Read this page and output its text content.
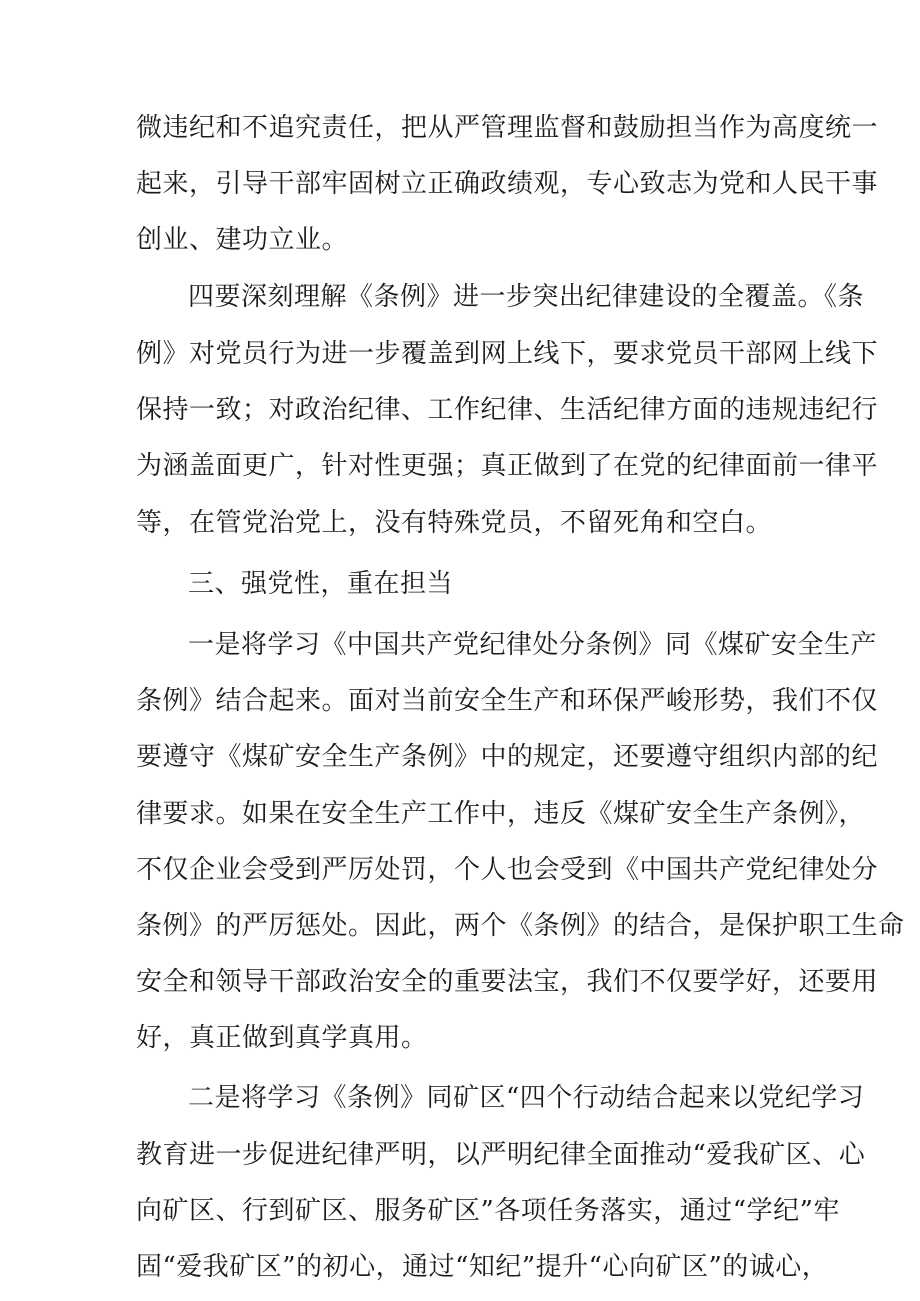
微违纪和不追究责任，把从严管理监督和鼓励担当作为高度统一
起来，引导干部牢固树立正确政绩观，专心致志为党和人民干事
创业、建功立业。
四要深刻理解《条例》进一步突出纪律建设的全覆盖。《条
例》对党员行为进一步覆盖到网上线下，要求党员干部网上线下
保持一致；对政治纪律、工作纪律、生活纪律方面的违规违纪行
为涵盖面更广，针对性更强；真正做到了在党的纪律面前一律平
等，在管党治党上，没有特殊党员，不留死角和空白。
三、强党性，重在担当
一是将学习《中国共产党纪律处分条例》同《煤矿安全生产
条例》结合起来。面对当前安全生产和环保严峻形势，我们不仅
要遵守《煤矿安全生产条例》中的规定，还要遵守组织内部的纪
律要求。如果在安全生产工作中，违反《煤矿安全生产条例》，
不仅企业会受到严厉处罚，个人也会受到《中国共产党纪律处分
条例》的严厉惩处。因此，两个《条例》的结合，是保护职工生命
安全和领导干部政治安全的重要法宝，我们不仅要学好，还要用
好，真正做到真学真用。
二是将学习《条例》同矿区“四个行动结合起来以党纪学习
教育进一步促进纪律严明，以严明纪律全面推动“爱我矿区、心
向矿区、行到矿区、服务矿区”各项任务落实，通过“学纪”牢
固“爱我矿区”的初心，通过“知纪”提升“心向矿区”的诚心，
